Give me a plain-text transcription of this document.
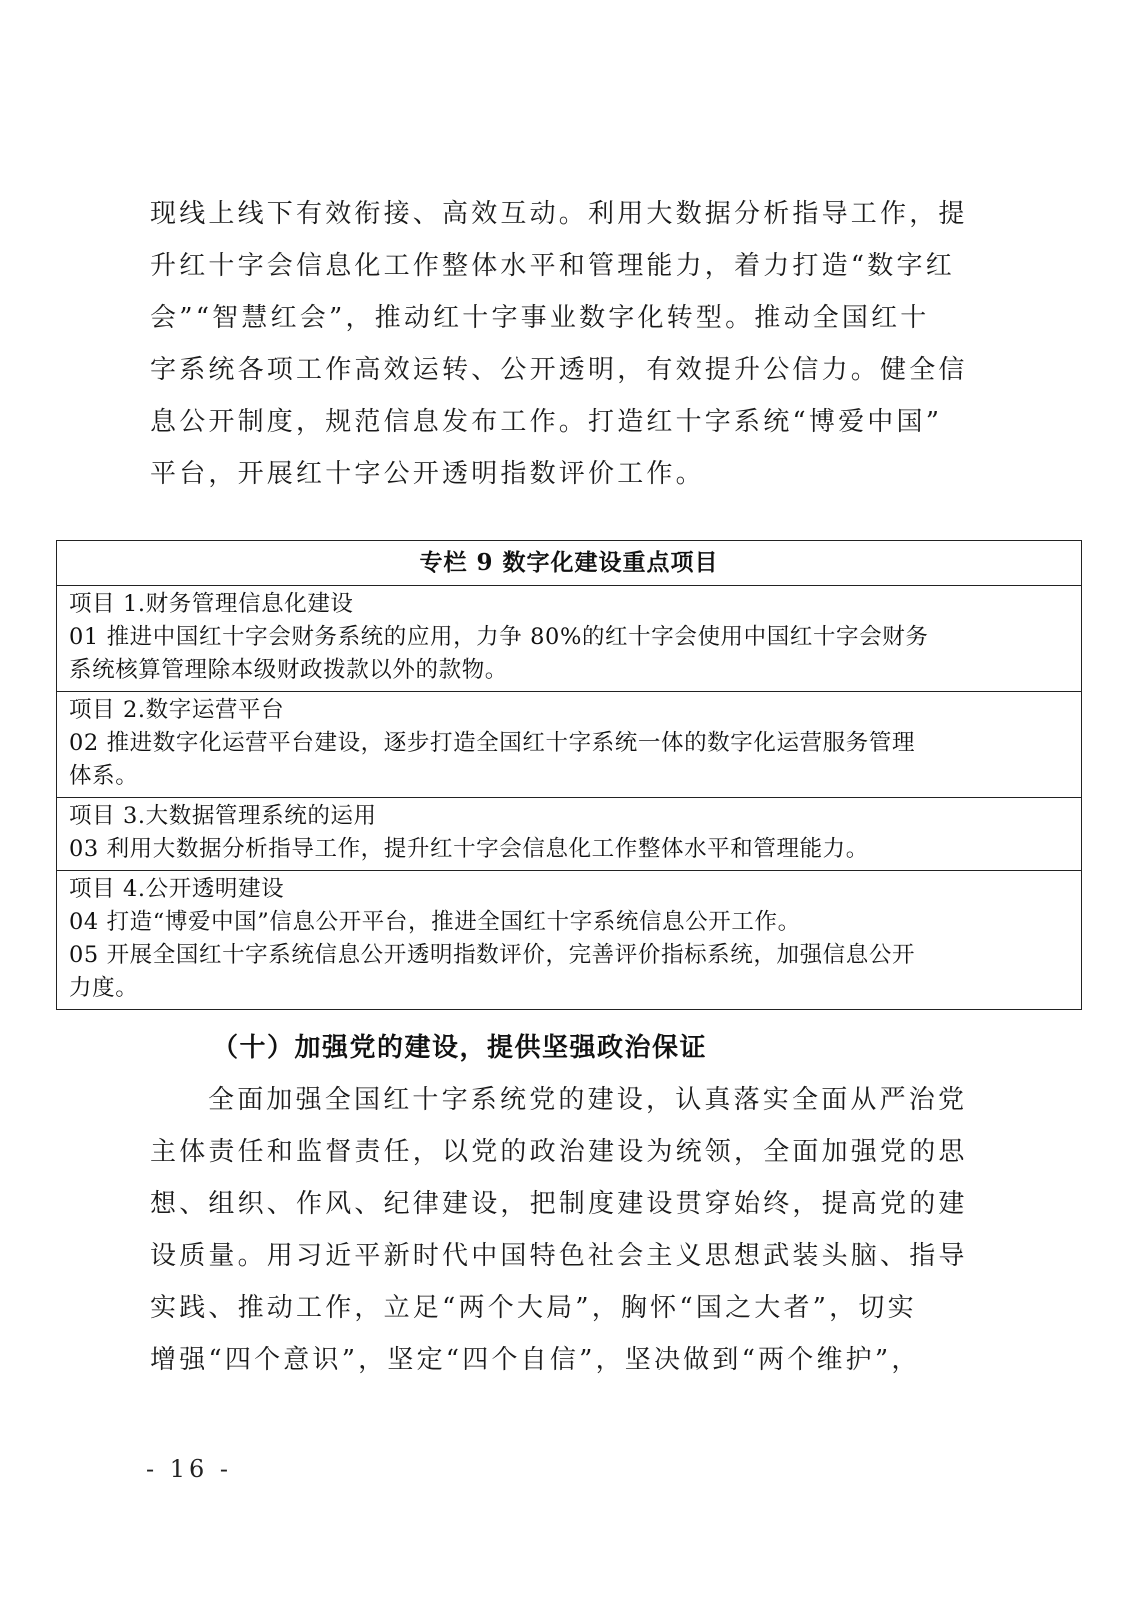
现线上线下有效衔接、高效互动。利用大数据分析指导工作，提
升红十字会信息化工作整体水平和管理能力，着力打造“数字红
会”“智慧红会”，推动红十字事业数字化转型。推动全国红十
字系统各项工作高效运转、公开透明，有效提升公信力。健全信
息公开制度，规范信息发布工作。打造红十字系统“博爱中国”
平台，开展红十字公开透明指数评价工作。
专栏 9 数字化建设重点项目
项目 1.财务管理信息化建设
01 推进中国红十字会财务系统的应用，力争 80%的红十字会使用中国红十字会财务
系统核算管理除本级财政拨款以外的款物。
项目 2.数字运营平台
02 推进数字化运营平台建设，逐步打造全国红十字系统一体的数字化运营服务管理
体系。
项目 3.大数据管理系统的运用
03 利用大数据分析指导工作，提升红十字会信息化工作整体水平和管理能力。
项目 4.公开透明建设
04 打造“博爱中国”信息公开平台，推进全国红十字系统信息公开工作。
05 开展全国红十字系统信息公开透明指数评价，完善评价指标系统，加强信息公开
力度。
（十）加强党的建设，提供坚强政治保证
全面加强全国红十字系统党的建设，认真落实全面从严治党
主体责任和监督责任，以党的政治建设为统领，全面加强党的思
想、组织、作风、纪律建设，把制度建设贯穿始终，提高党的建
设质量。用习近平新时代中国特色社会主义思想武装头脑、指导
实践、推动工作，立足“两个大局”，胸怀“国之大者”，切实
增强“四个意识”，坚定“四个自信”，坚决做到“两个维护”，
- 16 -
